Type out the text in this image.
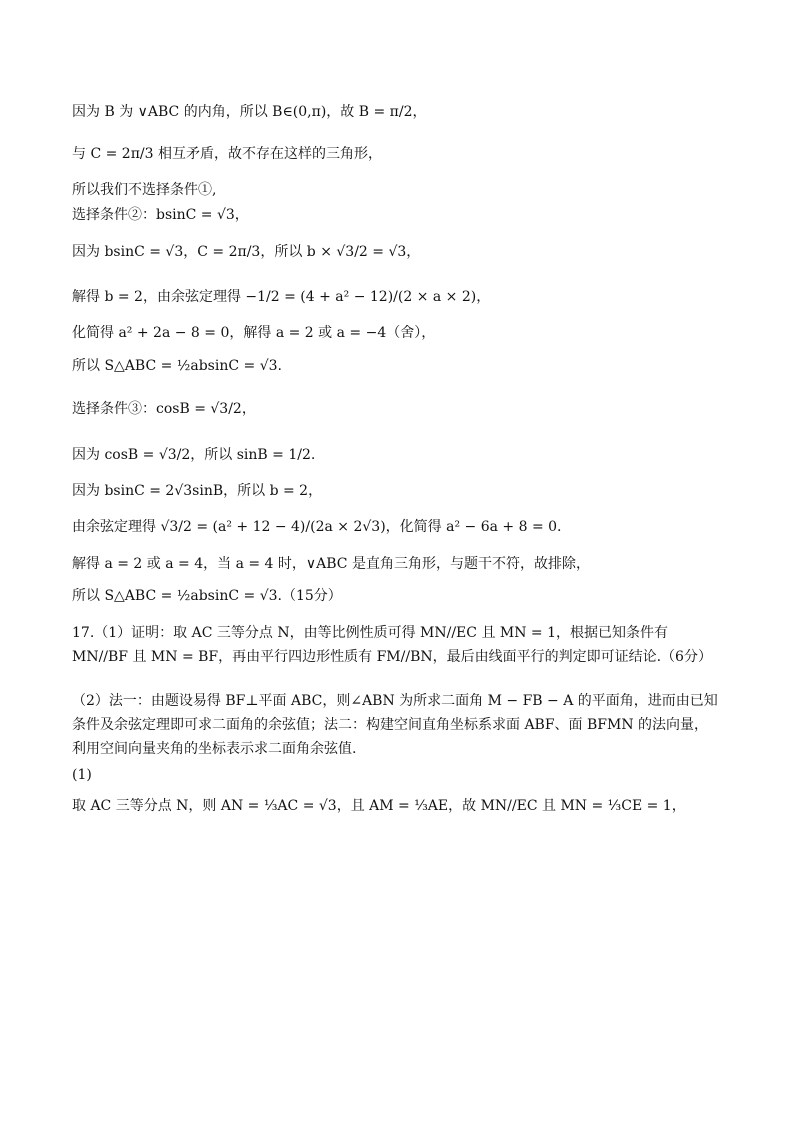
因为 B 为 ∨ABC 的内角，所以 B∈(0,π)，故 B = π/2，
与 C = 2π/3 相互矛盾，故不存在这样的三角形，
所以我们不选择条件①,
选择条件②：bsinC = √3，
因为 bsinC = √3，C = 2π/3，所以 b × √3/2 = √3，
解得 b = 2，由余弦定理得 −1/2 = (4 + a² − 12)/(2 × a × 2)，
化简得 a² + 2a − 8 = 0，解得 a = 2 或 a = −4（舍），
所以 S△ABC = ½absinC = √3.
选择条件③：cosB = √3/2，
因为 cosB = √3/2，所以 sinB = 1/2.
因为 bsinC = 2√3sinB，所以 b = 2，
由余弦定理得 √3/2 = (a² + 12 − 4)/(2a × 2√3)，化简得 a² − 6a + 8 = 0.
解得 a = 2 或 a = 4，当 a = 4 时，∨ABC 是直角三角形，与题干不符，故排除，
所以 S△ABC = ½absinC = √3.（15分）
17.（1）证明：取 AC 三等分点 N，由等比例性质可得 MN//EC 且 MN = 1，根据已知条件有 MN//BF 且 MN = BF，再由平行四边形性质有 FM//BN，最后由线面平行的判定即可证结论.（6分）
（2）法一：由题设易得 BF⊥平面 ABC，则∠ABN 为所求二面角 M − FB − A 的平面角，进而由已知条件及余弦定理即可求二面角的余弦值；法二：构建空间直角坐标系求面 ABF、面 BFMN 的法向量，利用空间向量夹角的坐标表示求二面角余弦值.
(1)
取 AC 三等分点 N，则 AN = ⅓AC = √3，且 AM = ⅓AE，故 MN//EC 且 MN = ⅓CE = 1，
